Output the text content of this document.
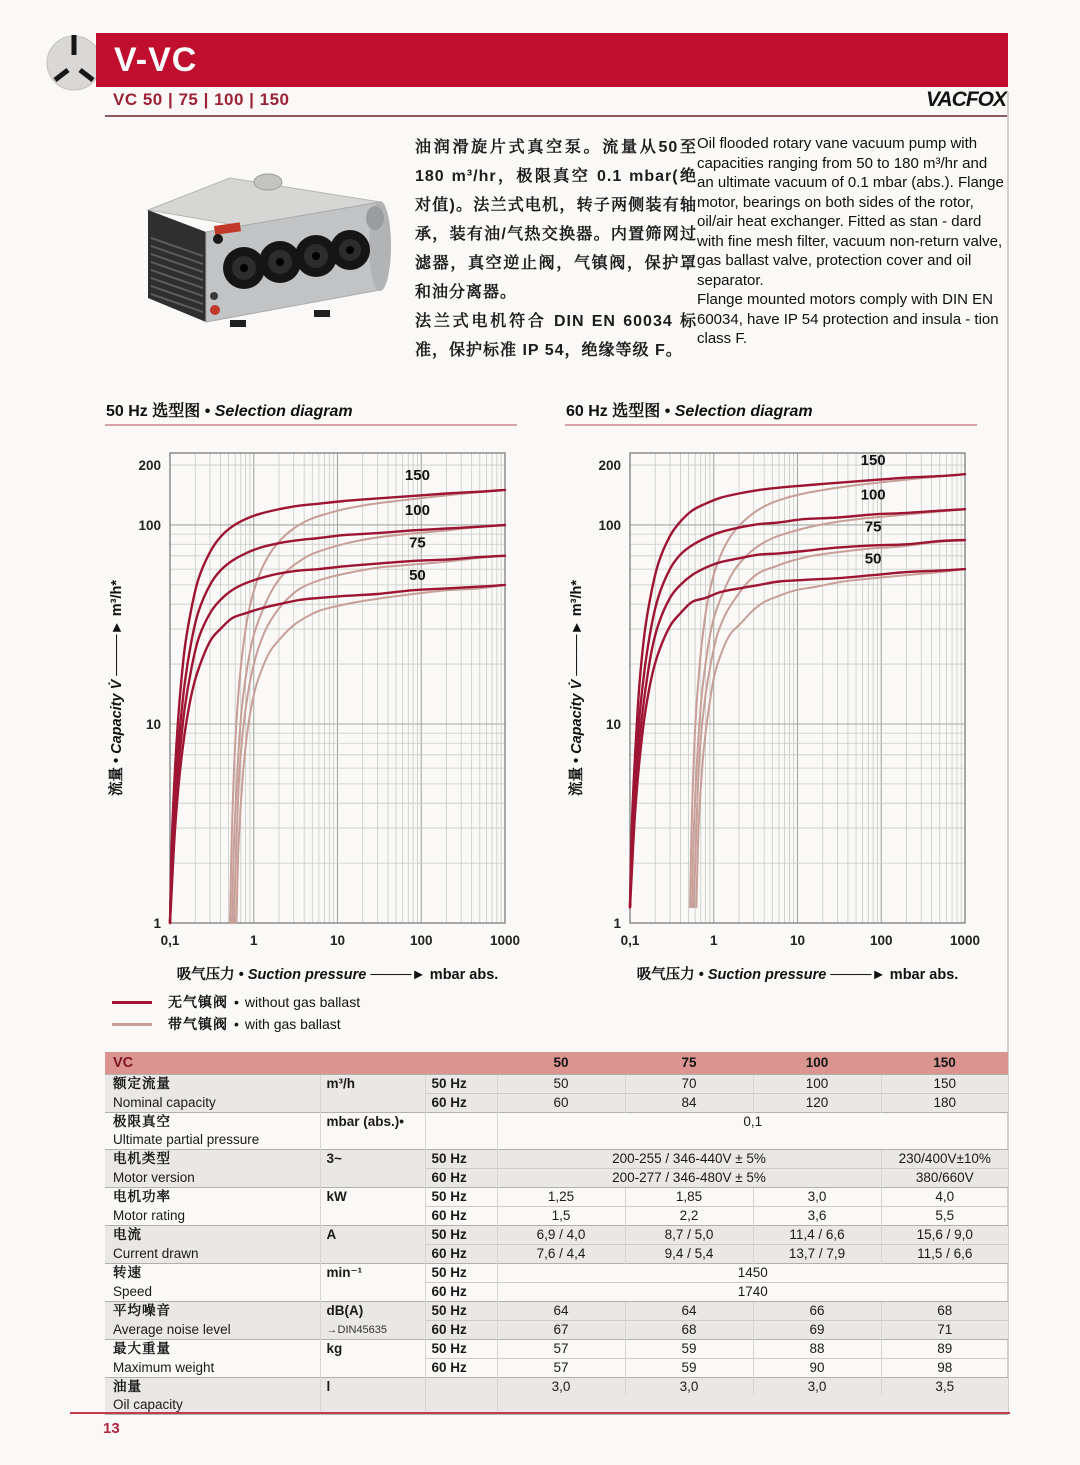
V-VC
VC 50 | 75 | 100 | 150	VACFOX

油润滑旋片式真空泵。流量从50至180 m³/hr，极限真空 0.1 mbar(绝对值)。法兰式电机，转子两侧装有轴承，装有油/气热交换器。内置筛网过滤器，真空逆止阀，气镇阀，保护罩和油分离器。

法兰式电机符合 DIN EN 60034 标准，保护标准 IP 54，绝缘等级 F。

Oil flooded rotary vane vacuum pump with capacities ranging from 50 to 180 m³/hr and an ultimate vacuum of 0.1 mbar (abs.). Flange motor, bearings on both sides of the rotor, oil/air heat exchanger. Fitted as stan - dard with fine mesh filter, vacuum non-return valve, gas ballast valve, protection cover and oil separator.

Flange mounted motors comply with DIN EN 60034, have IP 54 protection and insula - tion class F.

50 Hz 选型图 • Selection diagram	60 Hz 选型图 • Selection diagram
150
100
75
50
200
100
10
1
0,1	1	10	100	1000
吸气压力 • Suction pressure ────► mbar abs.
流量 • Capacity V̇ ────► m³/h*
150
100
75
50
200
100
10
1
0,1	1	10	100	1000
吸气压力 • Suction pressure ────► mbar abs.
流量 • Capacity V̇ ────► m³/h*
无气镇阀 • without gas ballast
带气镇阀 • with gas ballast
VC			50	75	100	150
额定流量	m³/h	50 Hz	50	70	100	150
Nominal capacity		60 Hz	60	84	120	180
极限真空	mbar (abs.)•		0,1			
Ultimate partial pressure						
电机类型	3~	50 Hz	200-255 / 346-440V ± 5%			230/400V±10%
Motor version		60 Hz	200-277 / 346-480V ± 5%			380/660V
电机功率	kW	50 Hz	1,25	1,85	3,0	4,0
Motor rating		60 Hz	1,5	2,2	3,6	5,5
电流	A	50 Hz	6,9 / 4,0	8,7 / 5,0	11,4 / 6,6	15,6 / 9,0
Current drawn		60 Hz	7,6 / 4,4	9,4 / 5,4	13,7 / 7,9	11,5 / 6,6
转速	min⁻¹	50 Hz	1450			
Speed		60 Hz	1740			
平均噪音	dB(A)	50 Hz	64	64	66	68
Average noise level	→DIN45635	60 Hz	67	68	69	71
最大重量	kg	50 Hz	57	59	88	89
Maximum weight		60 Hz	57	59	90	98
油量	l		3,0	3,0	3,0	3,5
Oil capacity						
13
